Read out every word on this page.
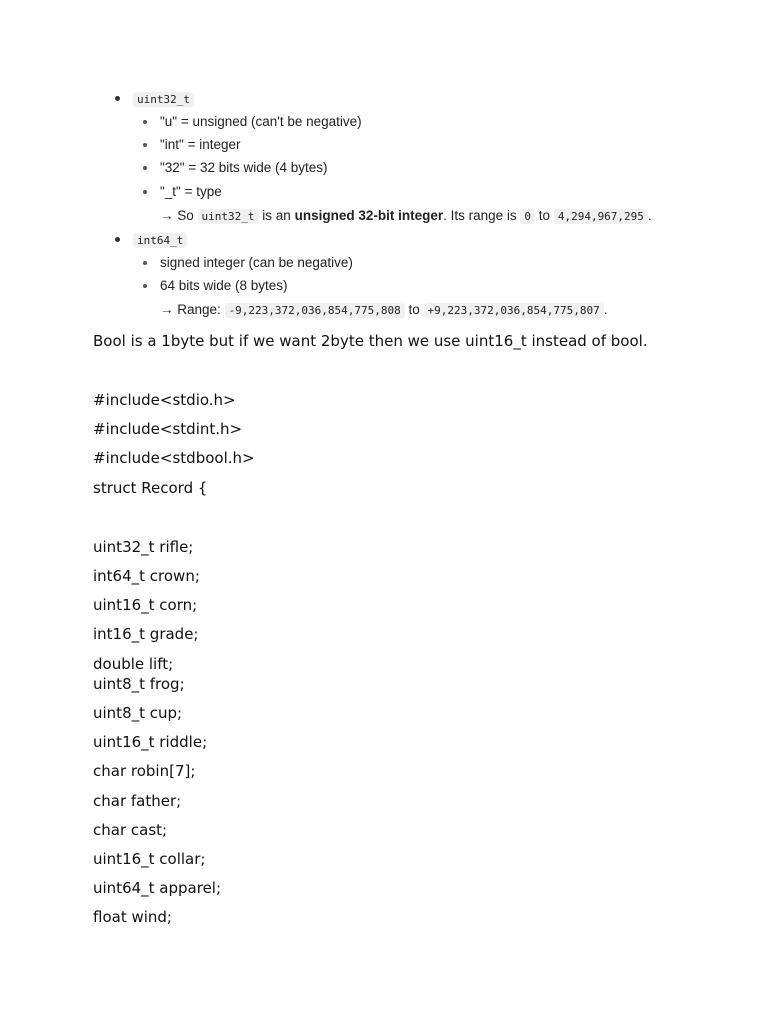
uint32_t
"u" = unsigned (can't be negative)
"int" = integer
"32" = 32 bits wide (4 bytes)
"_t" = type
→ So uint32_t is an unsigned 32-bit integer. Its range is 0 to 4,294,967,295 .
int64_t
signed integer (can be negative)
64 bits wide (8 bytes)
→ Range: -9,223,372,036,854,775,808 to +9,223,372,036,854,775,807 .
Bool is a 1byte but if we want 2byte then we use uint16_t instead of bool.
#include<stdio.h>
#include<stdint.h>
#include<stdbool.h>
struct Record {
uint32_t rifle;
int64_t crown;
uint16_t corn;
int16_t grade;
double lift;
uint8_t frog;
uint8_t cup;
uint16_t riddle;
char robin[7];
char father;
char cast;
uint16_t collar;
uint64_t apparel;
float wind;
